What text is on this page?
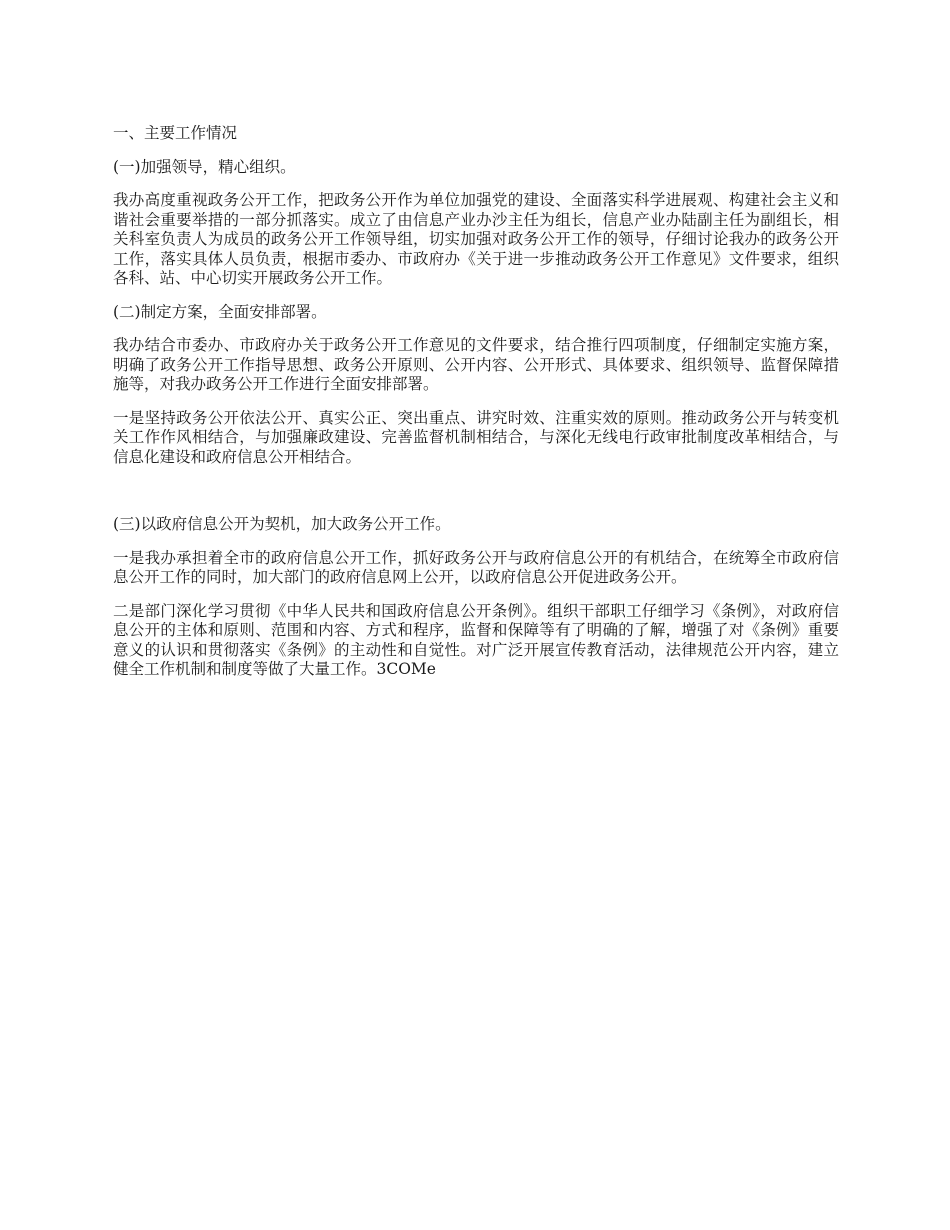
一、主要工作情况

(一)加强领导，精心组织。

我办高度重视政务公开工作，把政务公开作为单位加强党的建设、全面落实科学进展观、构建社会主义和谐社会重要举措的一部分抓落实。成立了由信息产业办沙主任为组长，信息产业办陆副主任为副组长，相关科室负责人为成员的政务公开工作领导组，切实加强对政务公开工作的领导，仔细讨论我办的政务公开工作，落实具体人员负责，根据市委办、市政府办《关于进一步推动政务公开工作意见》文件要求，组织各科、站、中心切实开展政务公开工作。

(二)制定方案，全面安排部署。

我办结合市委办、市政府办关于政务公开工作意见的文件要求，结合推行四项制度，仔细制定实施方案，明确了政务公开工作指导思想、政务公开原则、公开内容、公开形式、具体要求、组织领导、监督保障措施等，对我办政务公开工作进行全面安排部署。

一是坚持政务公开依法公开、真实公正、突出重点、讲究时效、注重实效的原则。推动政务公开与转变机关工作作风相结合，与加强廉政建设、完善监督机制相结合，与深化无线电行政审批制度改革相结合，与信息化建设和政府信息公开相结合。

(三)以政府信息公开为契机，加大政务公开工作。

一是我办承担着全市的政府信息公开工作，抓好政务公开与政府信息公开的有机结合，在统筹全市政府信息公开工作的同时，加大部门的政府信息网上公开，以政府信息公开促进政务公开。

二是部门深化学习贯彻《中华人民共和国政府信息公开条例》。组织干部职工仔细学习《条例》，对政府信息公开的主体和原则、范围和内容、方式和程序，监督和保障等有了明确的了解，增强了对《条例》重要意义的认识和贯彻落实《条例》的主动性和自觉性。对广泛开展宣传教育活动，法律规范公开内容，建立健全工作机制和制度等做了大量工作。3COMe
